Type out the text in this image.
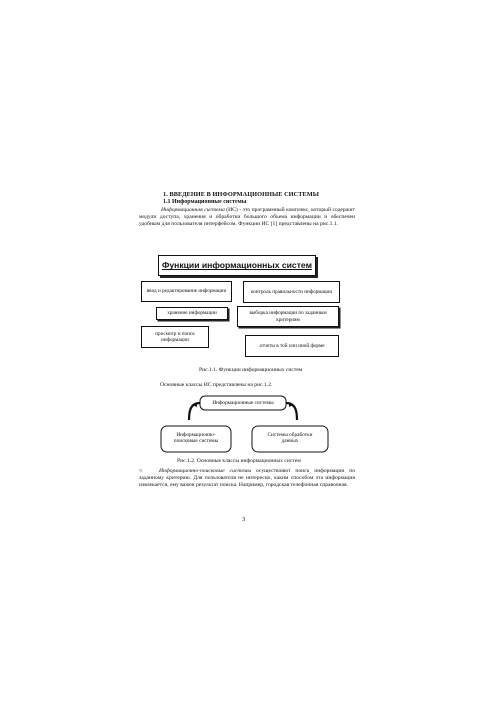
1. ВВЕДЕНИЕ В ИНФОРМАЦИОННЫЕ СИСТЕМЫ
1.1 Информационные системы
Информационная система (ИС) - это программный комплекс, который содержит модули доступа, хранения и обработки большого объема информации и обеспечен удобным для пользователя интерфейсом. Функции ИС [1] представлены на рис.1.1.
Функции информационных систем
ввод и редактирование информации
хранение информации
просмотр и поиск информации
контроль правильности информации
выборка информации по заданным критериям
отчеты в той или иной форме
Рис.1.1. Функции информационных систем
Основные классы ИС представлены на рис 1.2.
Информационные системы
Информационно-поисковые системы
Системы обработки данных
Рис.1.2. Основные классы информационных систем
○	Информационно-поисковые системы осуществляют поиск информации по заданному критерию. Для пользователя не интересно, каким способом эта информация извлекается, ему важен результат поиска. Например, городская телефонная справочная.
3
